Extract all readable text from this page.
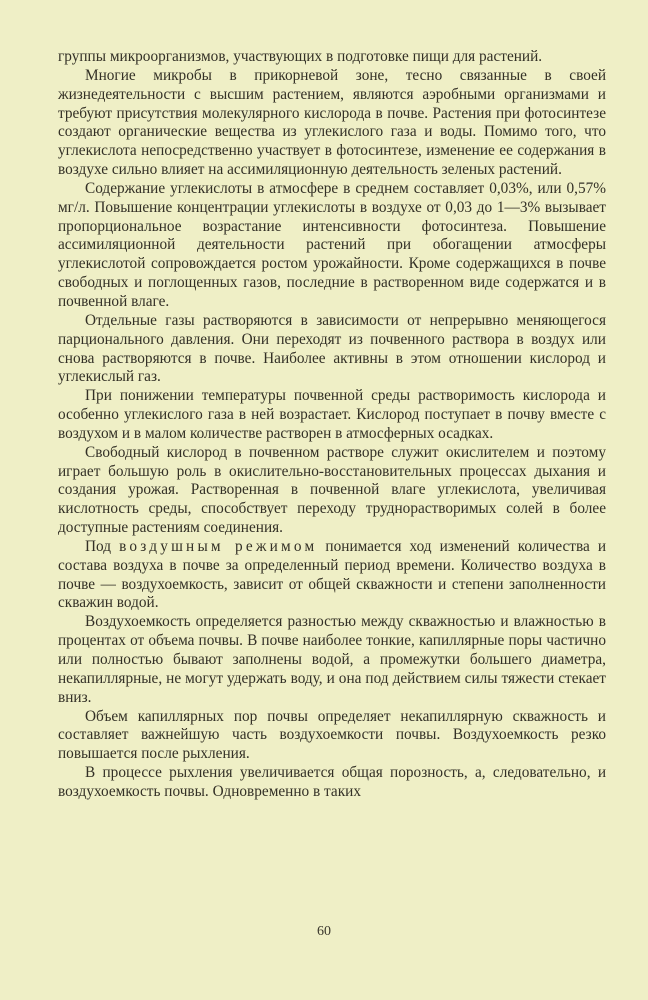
группы микроорганизмов, участвующих в подготовке пищи для растений.

Многие микробы в прикорневой зоне, тесно связанные в своей жизнедеятельности с высшим растением, являются аэробными организмами и требуют присутствия молекулярного кислорода в почве. Растения при фотосинтезе создают органические вещества из углекислого газа и воды. Помимо того, что углекислота непосредственно участвует в фотосинтезе, изменение ее содержания в воздухе сильно влияет на ассимиляционную деятельность зеленых растений.

Содержание углекислоты в атмосфере в среднем составляет 0,03%, или 0,57% мг/л. Повышение концентрации углекислоты в воздухе от 0,03 до 1—3% вызывает пропорциональное возрастание интенсивности фотосинтеза. Повышение ассимиляционной деятельности растений при обогащении атмосферы углекислотой сопровождается ростом урожайности. Кроме содержащихся в почве свободных и поглощенных газов, последние в растворенном виде содержатся и в почвенной влаге.

Отдельные газы растворяются в зависимости от непрерывно меняющегося парционального давления. Они переходят из почвенного раствора в воздух или снова растворяются в почве. Наиболее активны в этом отношении кислород и углекислый газ.

При понижении температуры почвенной среды растворимость кислорода и особенно углекислого газа в ней возрастает. Кислород поступает в почву вместе с воздухом и в малом количестве растворен в атмосферных осадках.

Свободный кислород в почвенном растворе служит окислителем и поэтому играет большую роль в окислительно-восстановительных процессах дыхания и создания урожая. Растворенная в почвенной влаге углекислота, увеличивая кислотность среды, способствует переходу труднорастворимых солей в более доступные растениям соединения.

Под воздушным режимом понимается ход изменений количества и состава воздуха в почве за определенный период времени. Количество воздуха в почве — воздухоемкость, зависит от общей скважности и степени заполненности скважин водой.

Воздухоемкость определяется разностью между скважностью и влажностью в процентах от объема почвы. В почве наиболее тонкие, капиллярные поры частично или полностью бывают заполнены водой, а промежутки большего диаметра, некапиллярные, не могут удержать воду, и она под действием силы тяжести стекает вниз.

Объем капиллярных пор почвы определяет некапиллярную скважность и составляет важнейшую часть воздухоемкости почвы. Воздухоемкость резко повышается после рыхления.

В процессе рыхления увеличивается общая порозность, а, следовательно, и воздухоемкость почвы. Одновременно в таких

60
